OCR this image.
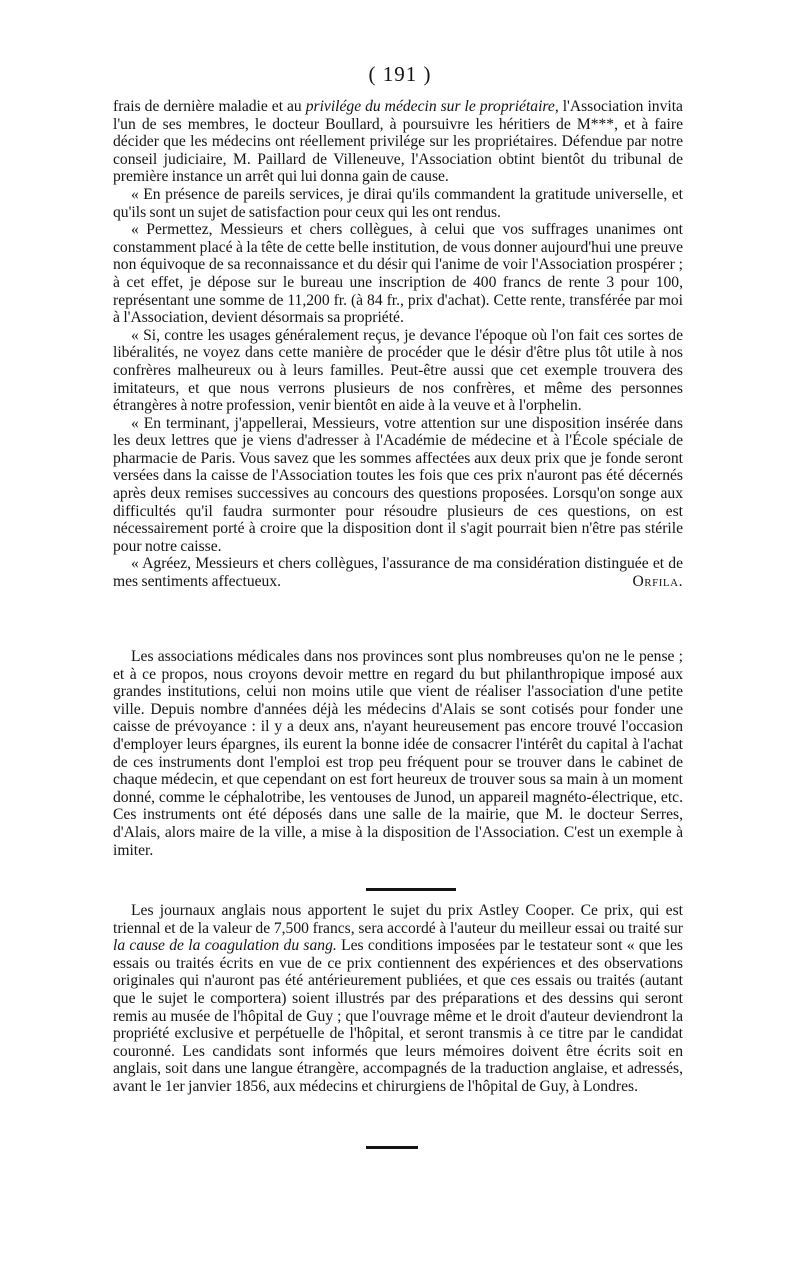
( 191 )

frais de dernière maladie et au privilége du médecin sur le propriétaire, l'Association invita l'un de ses membres, le docteur Boullard, à poursuivre les héritiers de M***, et à faire décider que les médecins ont réellement privilége sur les propriétaires. Défendue par notre conseil judiciaire, M. Paillard de Villeneuve, l'Association obtint bientôt du tribunal de première instance un arrêt qui lui donna gain de cause.

« En présence de pareils services, je dirai qu'ils commandent la gratitude universelle, et qu'ils sont un sujet de satisfaction pour ceux qui les ont rendus.

« Permettez, Messieurs et chers collègues, à celui que vos suffrages unanimes ont constamment placé à la tête de cette belle institution, de vous donner aujourd'hui une preuve non équivoque de sa reconnaissance et du désir qui l'anime de voir l'Association prospérer ; à cet effet, je dépose sur le bureau une inscription de 400 francs de rente 3 pour 100, représentant une somme de 11,200 fr. (à 84 fr., prix d'achat). Cette rente, transférée par moi à l'Association, devient désormais sa propriété.

« Si, contre les usages généralement reçus, je devance l'époque où l'on fait ces sortes de libéralités, ne voyez dans cette manière de procéder que le désir d'être plus tôt utile à nos confrères malheureux ou à leurs familles. Peut-être aussi que cet exemple trouvera des imitateurs, et que nous verrons plusieurs de nos confrères, et même des personnes étrangères à notre profession, venir bientôt en aide à la veuve et à l'orphelin.

« En terminant, j'appellerai, Messieurs, votre attention sur une disposition insérée dans les deux lettres que je viens d'adresser à l'Académie de médecine et à l'École spéciale de pharmacie de Paris. Vous savez que les sommes affectées aux deux prix que je fonde seront versées dans la caisse de l'Association toutes les fois que ces prix n'auront pas été décernés après deux remises successives au concours des questions proposées. Lorsqu'on songe aux difficultés qu'il faudra surmonter pour résoudre plusieurs de ces questions, on est nécessairement porté à croire que la disposition dont il s'agit pourrait bien n'être pas stérile pour notre caisse.

« Agréez, Messieurs et chers collègues, l'assurance de ma considération distinguée et de mes sentiments affectueux.	Orfila.

Les associations médicales dans nos provinces sont plus nombreuses qu'on ne le pense ; et à ce propos, nous croyons devoir mettre en regard du but philanthropique imposé aux grandes institutions, celui non moins utile que vient de réaliser l'association d'une petite ville. Depuis nombre d'années déjà les médecins d'Alais se sont cotisés pour fonder une caisse de prévoyance : il y a deux ans, n'ayant heureusement pas encore trouvé l'occasion d'employer leurs épargnes, ils eurent la bonne idée de consacrer l'intérêt du capital à l'achat de ces instruments dont l'emploi est trop peu fréquent pour se trouver dans le cabinet de chaque médecin, et que cependant on est fort heureux de trouver sous sa main à un moment donné, comme le céphalotribe, les ventouses de Junod, un appareil magnéto-électrique, etc. Ces instruments ont été déposés dans une salle de la mairie, que M. le docteur Serres, d'Alais, alors maire de la ville, a mise à la disposition de l'Association. C'est un exemple à imiter.

Les journaux anglais nous apportent le sujet du prix Astley Cooper. Ce prix, qui est triennal et de la valeur de 7,500 francs, sera accordé à l'auteur du meilleur essai ou traité sur la cause de la coagulation du sang. Les conditions imposées par le testateur sont « que les essais ou traités écrits en vue de ce prix contiennent des expériences et des observations originales qui n'auront pas été antérieurement publiées, et que ces essais ou traités (autant que le sujet le comportera) soient illustrés par des préparations et des dessins qui seront remis au musée de l'hôpital de Guy ; que l'ouvrage même et le droit d'auteur deviendront la propriété exclusive et perpétuelle de l'hôpital, et seront transmis à ce titre par le candidat couronné. Les candidats sont informés que leurs mémoires doivent être écrits soit en anglais, soit dans une langue étrangère, accompagnés de la traduction anglaise, et adressés, avant le 1er janvier 1856, aux médecins et chirurgiens de l'hôpital de Guy, à Londres.
